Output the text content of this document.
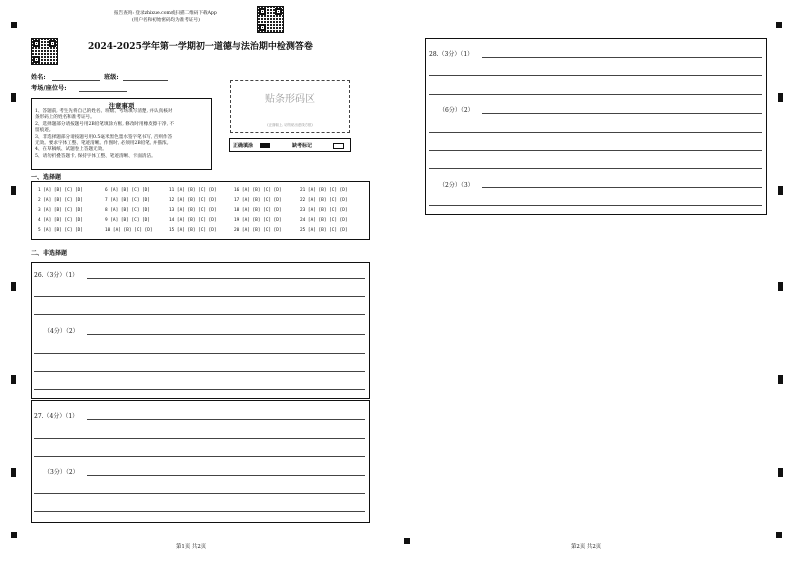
报告查询: 登录zhixue.com或扫描二维码下载App
(用户名和初始密码均为准考证号)
2024-2025学年第一学期初一道德与法治期中检测答卷
姓名:	班级:
考场/座位号:
贴条形码区
(正面朝上, 切勿贴出虚线方框)
注意事项
1、答题前, 考生先将自己的姓名、班级、考场填写清楚, 并认真核对
条形码上的姓名和准考证号。
2、选择题部分请按题号用2B铅笔填涂方框, 修改时用橡皮擦干净, 不
留痕迹。
3、非选择题部分请按题号用0.5毫米黑色墨水签字笔书写, 否则作答
无效。要求字体工整、笔迹清晰。作图时, 必须用2B铅笔, 并描浓。
4、在草稿纸、试题卷上答题无效。
5、请勿折叠答题卡, 保持字体工整、笔迹清晰、卡面清洁。
正确填涂	缺考标记
一、选择题
1 [A] [B] [C] [D]	6 [A] [B] [C] [D]	11 [A] [B] [C] [D]	16 [A] [B] [C] [D]	21 [A] [B] [C] [D]
2 [A] [B] [C] [D]	7 [A] [B] [C] [D]	12 [A] [B] [C] [D]	17 [A] [B] [C] [D]	22 [A] [B] [C] [D]
3 [A] [B] [C] [D]	8 [A] [B] [C] [D]	13 [A] [B] [C] [D]	18 [A] [B] [C] [D]	23 [A] [B] [C] [D]
4 [A] [B] [C] [D]	9 [A] [B] [C] [D]	14 [A] [B] [C] [D]	19 [A] [B] [C] [D]	24 [A] [B] [C] [D]
5 [A] [B] [C] [D]	10 [A] [B] [C] [D]	15 [A] [B] [C] [D]	20 [A] [B] [C] [D]	25 [A] [B] [C] [D]
二、非选择题
26.（3分）（1）
（4分）（2）
27.（4分）（1）
（3分）（2）
28.（3分）（1）
（6分）（2）
（2分）（3）
第1页 共2页	第2页 共2页
